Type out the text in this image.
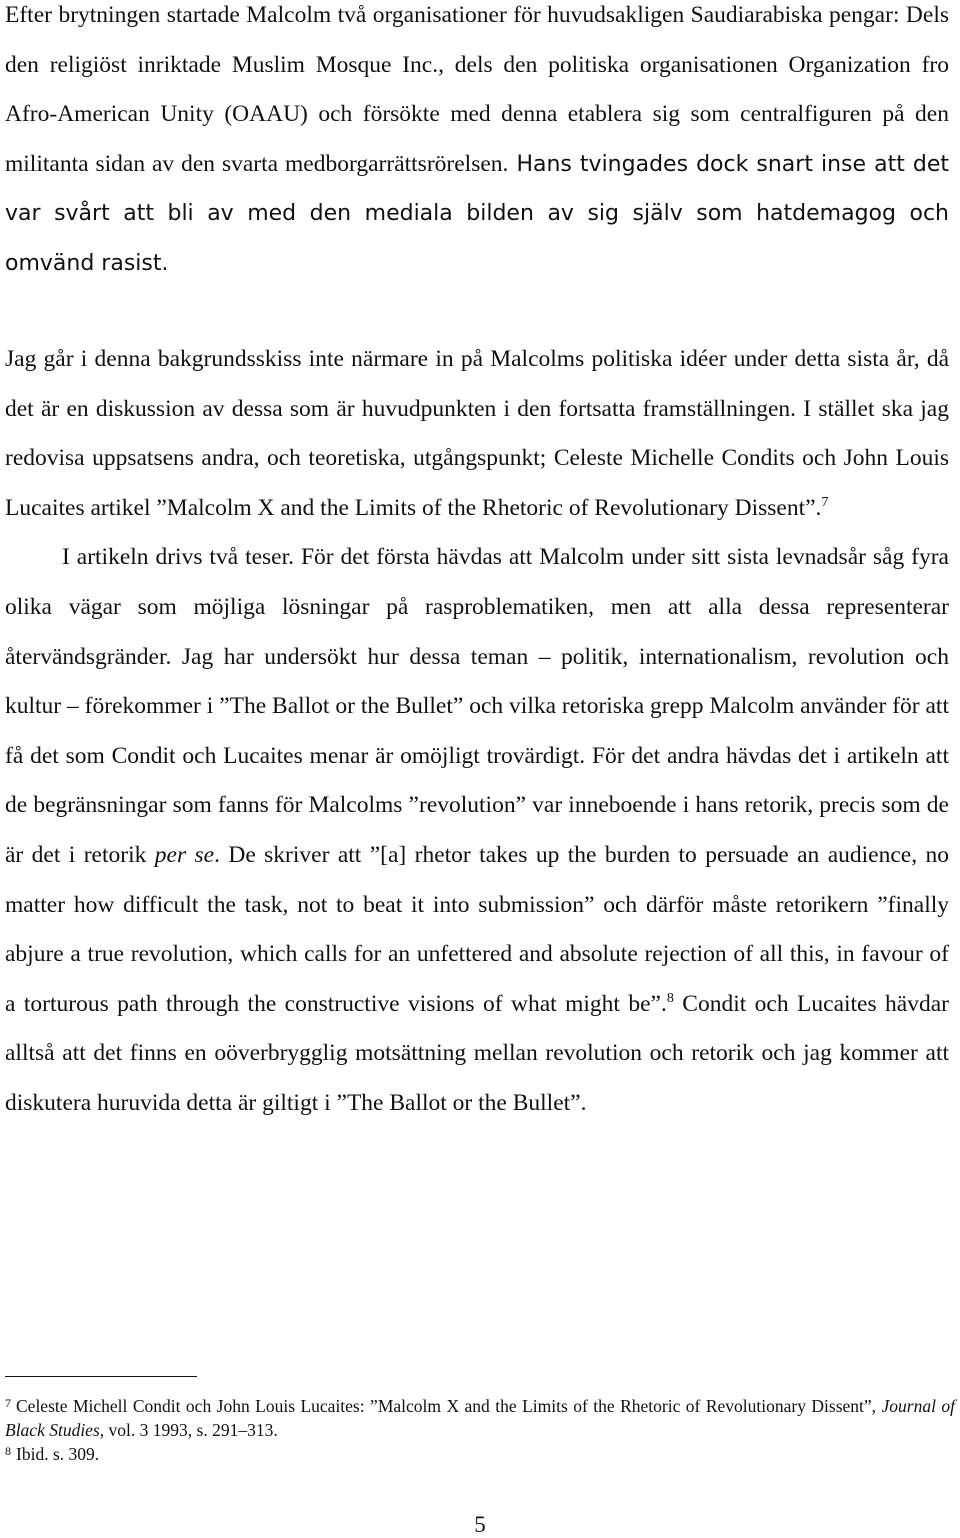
Efter brytningen startade Malcolm två organisationer för huvudsakligen Saudiarabiska pengar: Dels den religiöst inriktade Muslim Mosque Inc., dels den politiska organisationen Organization fro Afro-American Unity (OAAU) och försökte med denna etablera sig som centralfiguren på den militanta sidan av den svarta medborgarrättsrörelsen. Hans tvingades dock snart inse att det var svårt att bli av med den mediala bilden av sig själv som hatdemagog och omvänd rasist.

Jag går i denna bakgrundsskiss inte närmare in på Malcolms politiska idéer under detta sista år, då det är en diskussion av dessa som är huvudpunkten i den fortsatta framställningen. I stället ska jag redovisa uppsatsens andra, och teoretiska, utgångspunkt; Celeste Michelle Condits och John Louis Lucaites artikel ”Malcolm X and the Limits of the Rhetoric of Revolutionary Dissent”.$^7$

I artikeln drivs två teser. För det första hävdas att Malcolm under sitt sista levnadsår såg fyra olika vägar som möjliga lösningar på rasproblematiken, men att alla dessa representerar återvändsgränder. Jag har undersökt hur dessa teman – politik, internationalism, revolution och kultur – förekommer i ”The Ballot or the Bullet” och vilka retoriska grepp Malcolm använder för att få det som Condit och Lucaites menar är omöjligt trovärdigt. För det andra hävdas det i artikeln att de begränsningar som fanns för Malcolms ”revolution” var inneboende i hans retorik, precis som de är det i retorik per se. De skriver att ”[a] rhetor takes up the burden to persuade an audience, no matter how difficult the task, not to beat it into submission” och därför måste retorikern ”finally abjure a true revolution, which calls for an unfettered and absolute rejection of all this, in favour of a torturous path through the constructive visions of what might be”.$^8$ Condit och Lucaites hävdar alltså att det finns en oöverbrygglig motsättning mellan revolution och retorik och jag kommer att diskutera huruvida detta är giltigt i ”The Ballot or the Bullet”.

$^7$ Celeste Michell Condit och John Louis Lucaites: ”Malcolm X and the Limits of the Rhetoric of Revolutionary Dissent”, Journal of Black Studies, vol. 3 1993, s. 291–313.

$^8$ Ibid. s. 309.

5
